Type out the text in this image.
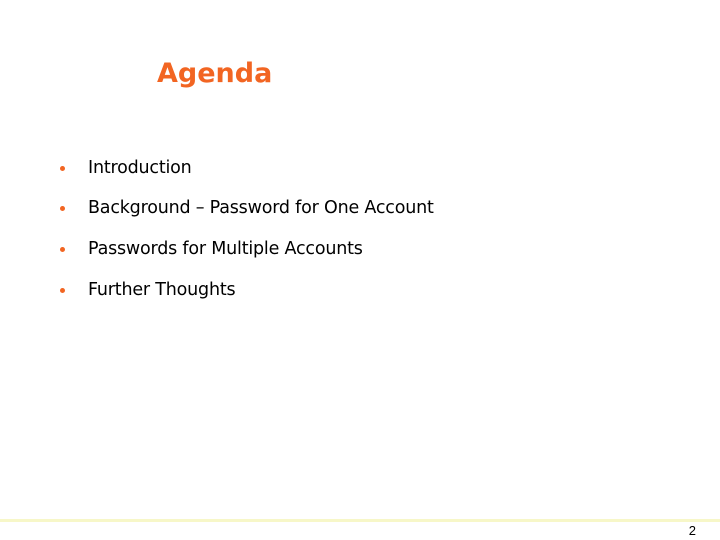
Agenda
Introduction
Background – Password for One Account
Passwords for Multiple Accounts
Further Thoughts
2
